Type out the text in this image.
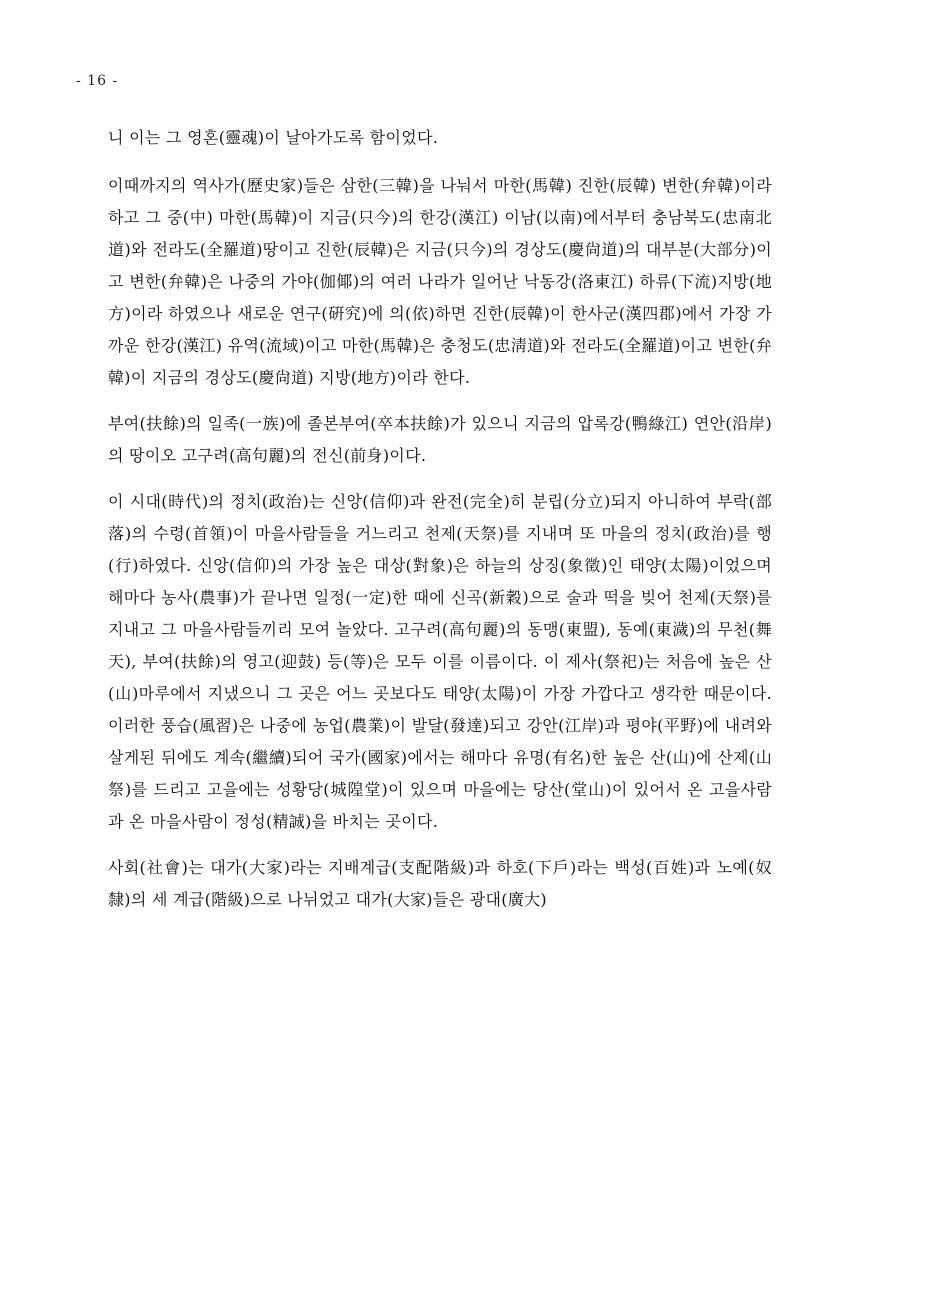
- 16 -

니 이는 그 영혼(靈魂)이 날아가도록 함이었다.

이때까지의 역사가(歷史家)들은 삼한(三韓)을 나눠서 마한(馬韓) 진한(辰韓) 변한(弁韓)이라 하고 그 중(中) 마한(馬韓)이 지금(只今)의 한강(漢江) 이남(以南)에서부터 충남북도(忠南北道)와 전라도(全羅道)땅이고 진한(辰韓)은 지금(只今)의 경상도(慶尙道)의 대부분(大部分)이고 변한(弁韓)은 나중의 가야(伽倻)의 여러 나라가 일어난 낙동강(洛東江) 하류(下流)지방(地方)이라 하였으나 새로운 연구(硏究)에 의(依)하면 진한(辰韓)이 한사군(漢四郡)에서 가장 가까운 한강(漢江) 유역(流域)이고 마한(馬韓)은 충청도(忠淸道)와 전라도(全羅道)이고 변한(弁韓)이 지금의 경상도(慶尙道) 지방(地方)이라 한다.

부여(扶餘)의 일족(一族)에 졸본부여(卒本扶餘)가 있으니 지금의 압록강(鴨綠江) 연안(沿岸)의 땅이오 고구려(高句麗)의 전신(前身)이다.

이 시대(時代)의 정치(政治)는 신앙(信仰)과 완전(完全)히 분립(分立)되지 아니하여 부락(部落)의 수령(首領)이 마을사람들을 거느리고 천제(天祭)를 지내며 또 마을의 정치(政治)를 행(行)하였다. 신앙(信仰)의 가장 높은 대상(對象)은 하늘의 상징(象徵)인 태양(太陽)이었으며 해마다 농사(農事)가 끝나면 일정(一定)한 때에 신곡(新穀)으로 술과 떡을 빚어 천제(天祭)를 지내고 그 마을사람들끼리 모여 놀았다. 고구려(高句麗)의 동맹(東盟), 동예(東濊)의 무천(舞天), 부여(扶餘)의 영고(迎鼓) 등(等)은 모두 이를 이름이다. 이 제사(祭祀)는 처음에 높은 산(山)마루에서 지냈으니 그 곳은 어느 곳보다도 태양(太陽)이 가장 가깝다고 생각한 때문이다. 이러한 풍습(風習)은 나중에 농업(農業)이 발달(發達)되고 강안(江岸)과 평야(平野)에 내려와 살게된 뒤에도 계속(繼續)되어 국가(國家)에서는 해마다 유명(有名)한 높은 산(山)에 산제(山祭)를 드리고 고을에는 성황당(城隍堂)이 있으며 마을에는 당산(堂山)이 있어서 온 고을사람과 온 마을사람이 정성(精誠)을 바치는 곳이다.

사회(社會)는 대가(大家)라는 지배계급(支配階級)과 하호(下戶)라는 백성(百姓)과 노예(奴隸)의 세 계급(階級)으로 나뉘었고 대가(大家)들은 광대(廣大)
